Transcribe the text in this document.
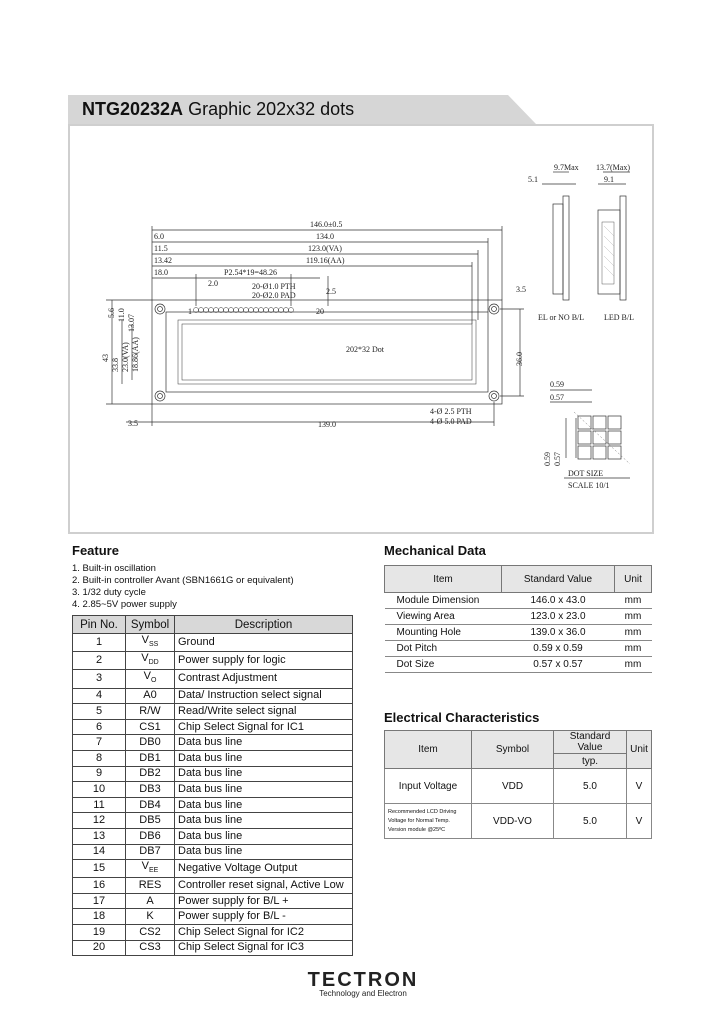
NTG20232A Graphic 202x32 dots
146.0±0.5
134.0
6.0
11.5	123.0(VA)
13.42	119.16(AA)
18.0	P2.54*19=48.26
2.0	20-Ø1.0 PTH
20-Ø2.0 PAD	2.5	3.5
1	20
43 33.8 23.0(VA) 18.86(AA)
5.6 11.0 13.07
36.0
202*32 Dot
4-Ø 2.5 PTH
4-Ø 5.0 PAD
3.5	139.0
9.7Max
5.1
13.7(Max)
9.1
EL or NO B/L LED B/L
0.59
0.57
0.59 0.57
DOT SIZE
SCALE 10/1
Feature
1. Built-in oscillation
2. Built-in controller Avant (SBN1661G or equivalent)
3. 1/32 duty cycle
4. 2.85~5V power supply
Pin No.	Symbol	Description
1	$V_{SS}$	Ground
2	$V_{DD}$	Power supply for logic
3	$V_O$	Contrast Adjustment
4	A0	Data/ Instruction select signal
5	R/W	Read/Write select signal
6	CS1	Chip Select Signal for IC1
7	DB0	Data bus line
8	DB1	Data bus line
9	DB2	Data bus line
10	DB3	Data bus line
11	DB4	Data bus line
12	DB5	Data bus line
13	DB6	Data bus line
14	DB7	Data bus line
15	$V_{EE}$	Negative Voltage Output
16	RES	Controller reset signal, Active Low
17	A	Power supply for B/L +
18	K	Power supply for B/L -
19	CS2	Chip Select Signal for IC2
20	CS3	Chip Select Signal for IC3
Mechanical Data
Item	Standard Value	Unit
Module Dimension	146.0 x 43.0	mm
Viewing Area	123.0 x 23.0	mm
Mounting Hole	139.0 x 36.0	mm
Dot Pitch	0.59 x 0.59	mm
Dot Size	0.57 x 0.57	mm
Electrical Characteristics
Item	Symbol	Standard Value	Unit
		typ.	
Input Voltage	VDD	5.0	V
Recommended LCD Driving Voltage for Normal Temp. Version module @25ºC	VDD-VO	5.0	V
TECTRON
Technology and Electron
